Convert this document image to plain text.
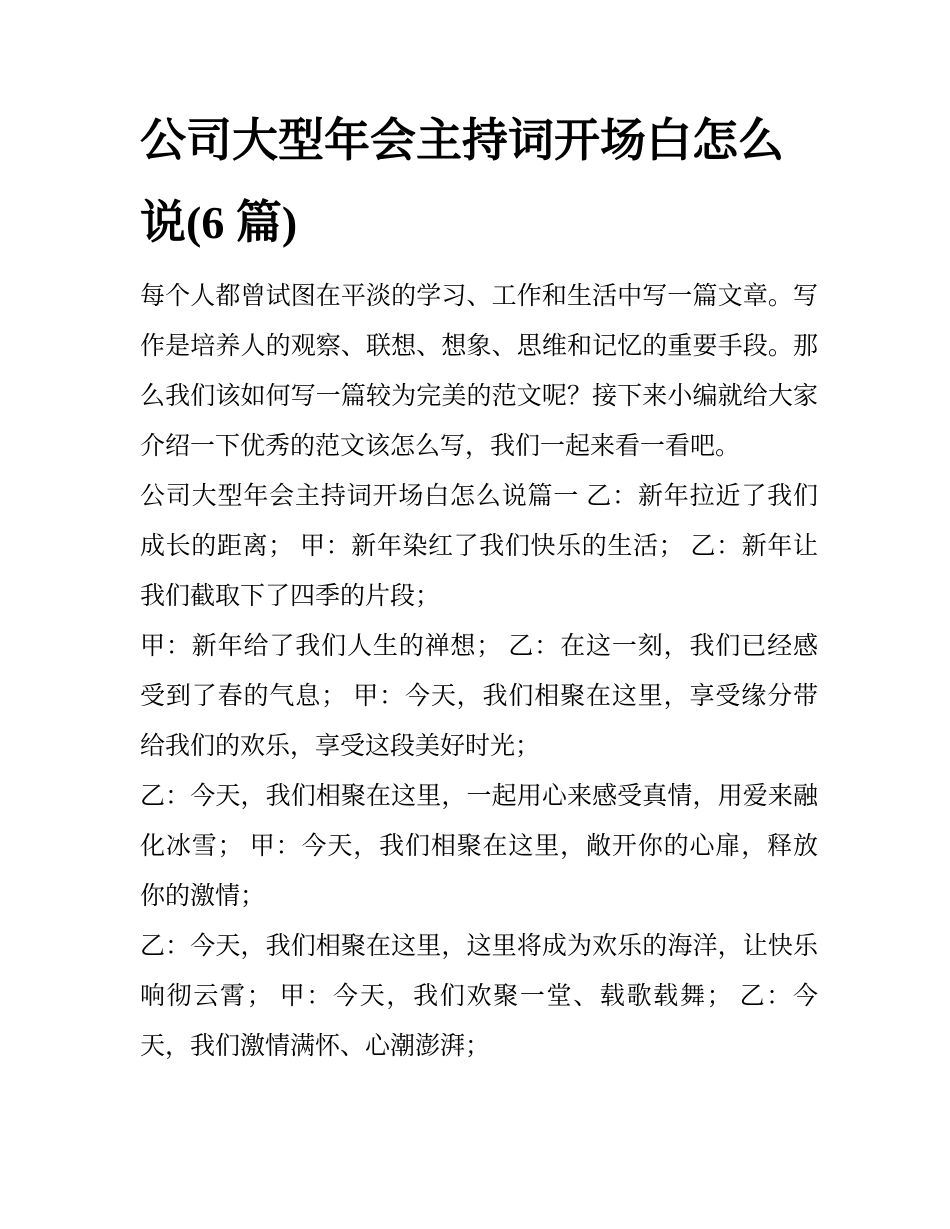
公司大型年会主持词开场白怎么说(6 篇)

每个人都曾试图在平淡的学习、工作和生活中写一篇文章。写作是培养人的观察、联想、想象、思维和记忆的重要手段。那么我们该如何写一篇较为完美的范文呢？接下来小编就给大家介绍一下优秀的范文该怎么写，我们一起来看一看吧。

公司大型年会主持词开场白怎么说篇一 乙：新年拉近了我们成长的距离； 甲：新年染红了我们快乐的生活； 乙：新年让我们截取下了四季的片段；

甲：新年给了我们人生的禅想； 乙：在这一刻，我们已经感受到了春的气息； 甲：今天，我们相聚在这里，享受缘分带给我们的欢乐，享受这段美好时光；

乙：今天，我们相聚在这里，一起用心来感受真情，用爱来融化冰雪； 甲：今天，我们相聚在这里，敞开你的心扉，释放你的激情；

乙：今天，我们相聚在这里，这里将成为欢乐的海洋，让快乐响彻云霄； 甲：今天，我们欢聚一堂、载歌载舞； 乙：今天，我们激情满怀、心潮澎湃；
